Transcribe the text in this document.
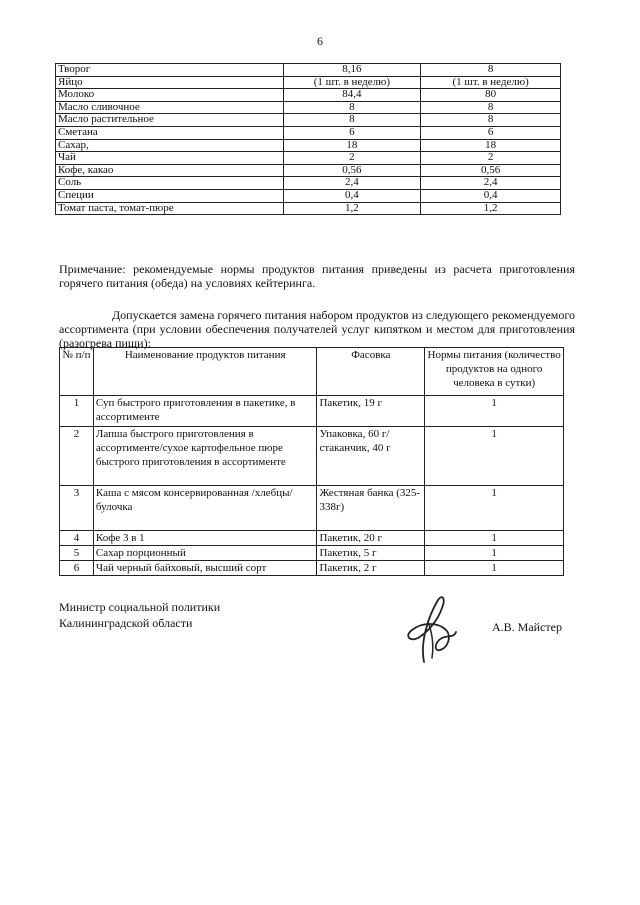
6
Творог	8,16	8
Яйцо	(1 шт. в неделю)	(1 шт. в неделю)
Молоко	84,4	80
Масло сливочное	8	8
Масло растительное	8	8
Сметана	6	6
Сахар,	18	18
Чай	2	2
Кофе, какао	0,56	0,56
Соль	2,4	2,4
Специи	0,4	0,4
Томат паста, томат-пюре	1,2	1,2
Примечание: рекомендуемые нормы продуктов питания приведены из расчета приготовления горячего питания (обеда) на условиях кейтеринга.
Допускается замена горячего питания набором продуктов из следующего рекомендуемого ассортимента (при условии обеспечения получателей услуг кипятком и местом для приготовления (разогрева пищи):
№ п/п	Наименование продуктов питания	Фасовка	Нормы питания (количество продуктов на одного человека в сутки)
1	Суп быстрого приготовления в пакетике, в ассортименте	Пакетик, 19 г	1
2	Лапша быстрого приготовления в ассортименте/сухое картофельное пюре быстрого приготовления в ассортименте	Упаковка, 60 г/стаканчик, 40 г	1
3	Каша с мясом консервированная /хлебцы/булочка	Жестяная банка (325- 338г)	1
4	Кофе 3 в 1	Пакетик, 20 г	1
5	Сахар порционный	Пакетик, 5 г	1
6	Чай черный байховый, высший сорт	Пакетик, 2 г	1
Министр социальной политики
Калининградской области	А.В. Майстер
